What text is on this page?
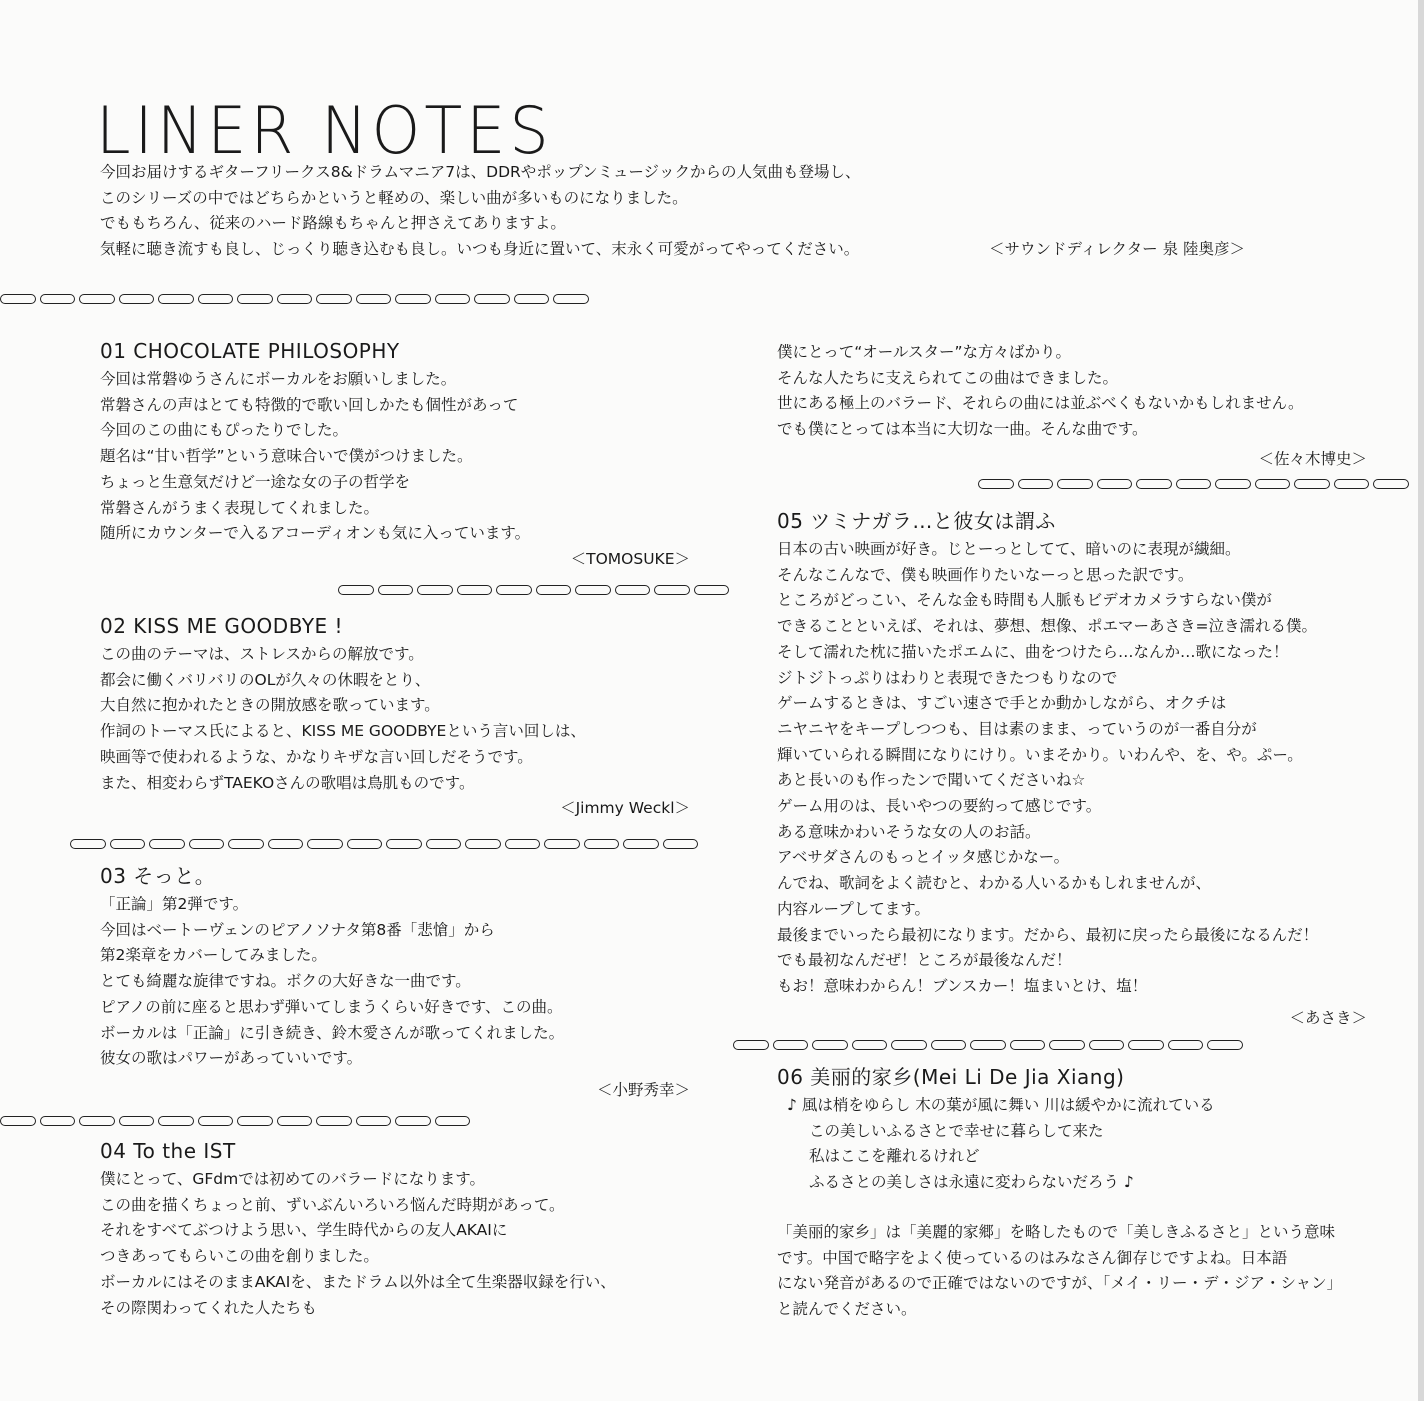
LINER NOTES
今回お届けするギターフリークス8&ドラムマニア7は、DDRやポップンミュージックからの人気曲も登場し、
このシリーズの中ではどちらかというと軽めの、楽しい曲が多いものになりました。
でももちろん、従来のハード路線もちゃんと押さえてありますよ。
気軽に聴き流すも良し、じっくり聴き込むも良し。いつも身近に置いて、末永く可愛がってやってください。	＜サウンドディレクター 泉 陸奥彦＞
01 CHOCOLATE PHILOSOPHY
今回は常磐ゆうさんにボーカルをお願いしました。
常磐さんの声はとても特徴的で歌い回しかたも個性があって
今回のこの曲にもぴったりでした。
題名は“甘い哲学”という意味合いで僕がつけました。
ちょっと生意気だけど一途な女の子の哲学を
常磐さんがうまく表現してくれました。
随所にカウンターで入るアコーディオンも気に入っています。
＜TOMOSUKE＞
02 KISS ME GOODBYE !
この曲のテーマは、ストレスからの解放です。
都会に働くバリバリのOLが久々の休暇をとり、
大自然に抱かれたときの開放感を歌っています。
作詞のトーマス氏によると、KISS ME GOODBYEという言い回しは、
映画等で使われるような、かなりキザな言い回しだそうです。
また、相変わらずTAEKOさんの歌唱は鳥肌ものです。
＜Jimmy Weckl＞
03 そっと。
「正論」第2弾です。
今回はベートーヴェンのピアノソナタ第8番「悲愴」から
第2楽章をカバーしてみました。
とても綺麗な旋律ですね。ボクの大好きな一曲です。
ピアノの前に座ると思わず弾いてしまうくらい好きです、この曲。
ボーカルは「正論」に引き続き、鈴木愛さんが歌ってくれました。
彼女の歌はパワーがあっていいです。
＜小野秀幸＞
04 To the IST
僕にとって、GFdmでは初めてのバラードになります。
この曲を描くちょっと前、ずいぶんいろいろ悩んだ時期があって。
それをすべてぶつけよう思い、学生時代からの友人AKAIに
つきあってもらいこの曲を創りました。
ボーカルにはそのままAKAIを、またドラム以外は全て生楽器収録を行い、
その際関わってくれた人たちも
僕にとって“オールスター”な方々ばかり。
そんな人たちに支えられてこの曲はできました。
世にある極上のバラード、それらの曲には並ぶべくもないかもしれません。
でも僕にとっては本当に大切な一曲。そんな曲です。
＜佐々木博史＞
05 ツミナガラ…と彼女は謂ふ
日本の古い映画が好き。じとーっとしてて、暗いのに表現が繊細。
そんなこんなで、僕も映画作りたいなーっと思った訳です。
ところがどっこい、そんな金も時間も人脈もビデオカメラすらない僕が
できることといえば、それは、夢想、想像、ポエマーあさき=泣き濡れる僕。
そして濡れた枕に描いたポエムに、曲をつけたら…なんか…歌になった！
ジトジトっぷりはわりと表現できたつもりなので
ゲームするときは、すごい速さで手とか動かしながら、オクチは
ニヤニヤをキープしつつも、目は素のまま、っていうのが一番自分が
輝いていられる瞬間になりにけり。いまそかり。いわんや、を、や。ぷー。
あと長いのも作ったンで聞いてくださいね☆
ゲーム用のは、長いやつの要約って感じです。
ある意味かわいそうな女の人のお話。
アベサダさんのもっとイッタ感じかなー。
んでね、歌詞をよく読むと、わかる人いるかもしれませんが、
内容ループしてます。
最後までいったら最初になります。だから、最初に戻ったら最後になるんだ！
でも最初なんだぜ！ところが最後なんだ！
もお！意味わからん！ブンスカー！塩まいとけ、塩！
＜あさき＞
06 美丽的家乡(Mei Li De Jia Xiang)
♪ 風は梢をゆらし 木の葉が風に舞い 川は緩やかに流れている
この美しいふるさとで幸せに暮らして来た
私はここを離れるけれど
ふるさとの美しさは永遠に変わらないだろう ♪
「美丽的家乡」は「美麗的家郷」を略したもので「美しきふるさと」という意味
です。中国で略字をよく使っているのはみなさん御存じですよね。日本語
にない発音があるので正確ではないのですが、「メイ・リー・デ・ジア・シャン」
と読んでください。
